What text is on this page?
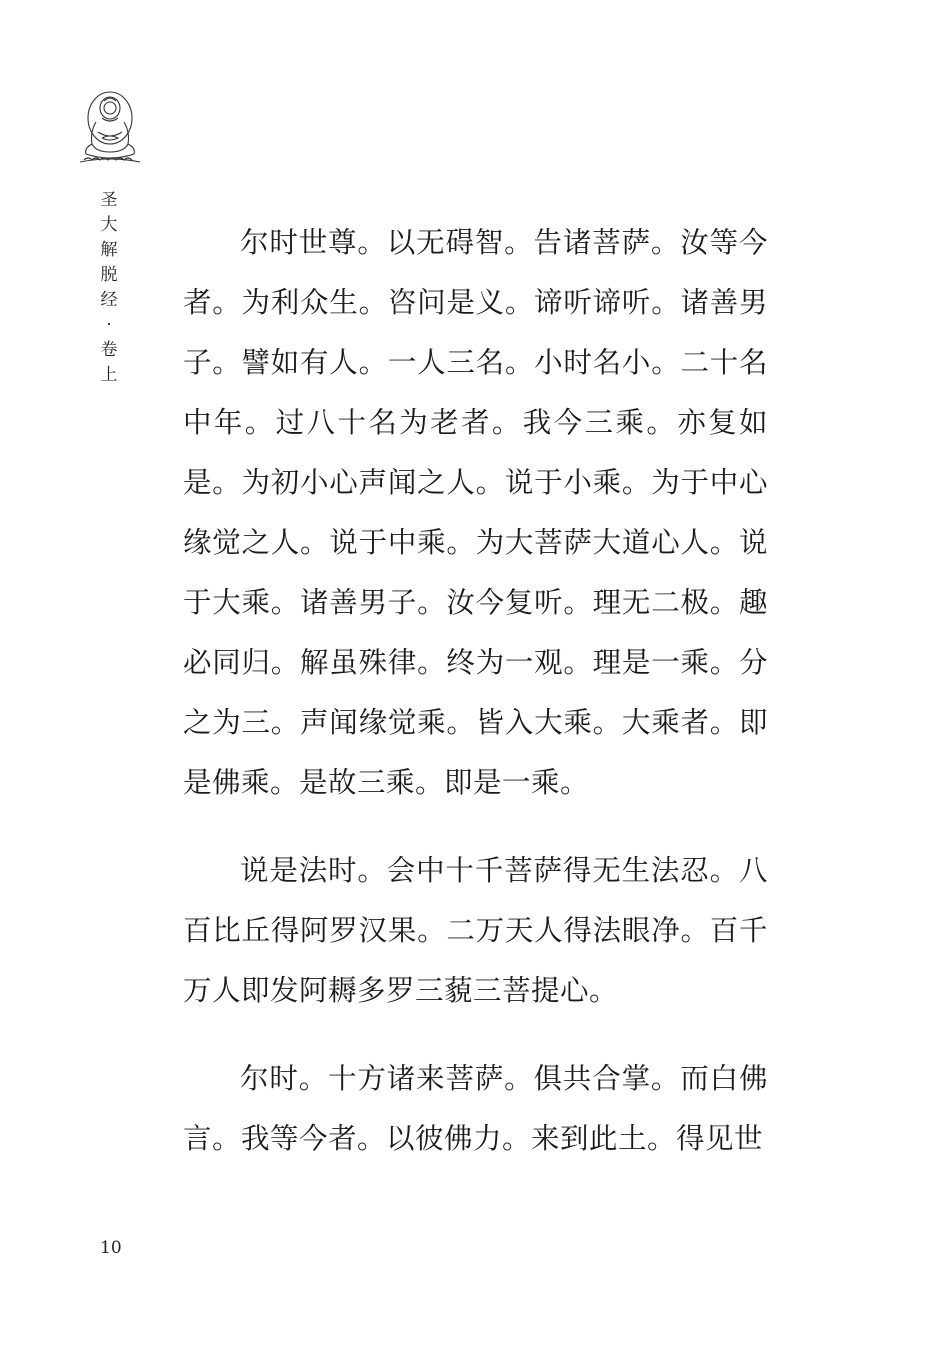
圣
大
解
脱
经
·
卷
上

尔时世尊。以无碍智。告诸菩萨。汝等今者。为利众生。咨问是义。谛听谛听。诸善男子。譬如有人。一人三名。小时名小。二十名中年。过八十名为老者。我今三乘。亦复如是。为初小心声闻之人。说于小乘。为于中心缘觉之人。说于中乘。为大菩萨大道心人。说于大乘。诸善男子。汝今复听。理无二极。趣必同归。解虽殊律。终为一观。理是一乘。分之为三。声闻缘觉乘。皆入大乘。大乘者。即是佛乘。是故三乘。即是一乘。

说是法时。会中十千菩萨得无生法忍。八百比丘得阿罗汉果。二万天人得法眼净。百千万人即发阿耨多罗三藐三菩提心。

尔时。十方诸来菩萨。俱共合掌。而白佛言。我等今者。以彼佛力。来到此土。得见世

10
